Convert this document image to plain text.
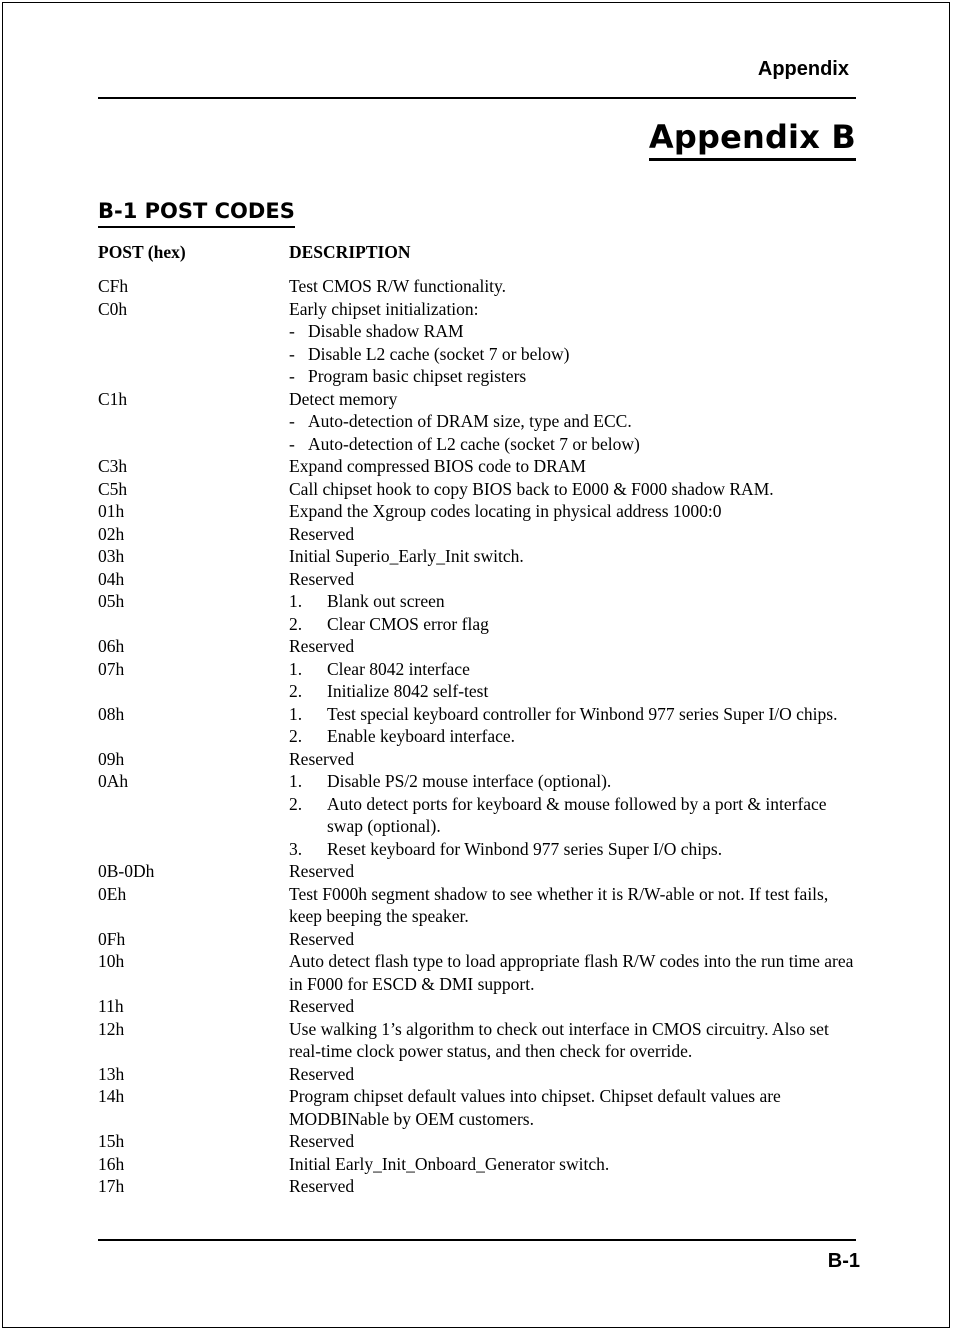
Appendix
Appendix B
B-1 POST CODES
POST (hex)	DESCRIPTION
CFh	Test CMOS R/W functionality.
C0h	Early chipset initialization:
- Disable shadow RAM
- Disable L2 cache (socket 7 or below)
- Program basic chipset registers
C1h	Detect memory
- Auto-detection of DRAM size, type and ECC.
- Auto-detection of L2 cache (socket 7 or below)
C3h	Expand compressed BIOS code to DRAM
C5h	Call chipset hook to copy BIOS back to E000 & F000 shadow RAM.
01h	Expand the Xgroup codes locating in physical address 1000:0
02h	Reserved
03h	Initial Superio_Early_Init switch.
04h	Reserved
05h	1.	Blank out screen
2.	Clear CMOS error flag
06h	Reserved
07h	1.	Clear 8042 interface
2.	Initialize 8042 self-test
08h	1.	Test special keyboard controller for Winbond 977 series Super I/O chips.
2.	Enable keyboard interface.
09h	Reserved
0Ah	1.	Disable PS/2 mouse interface (optional).
2.	Auto detect ports for keyboard & mouse followed by a port & interface swap (optional).
3.	Reset keyboard for Winbond 977 series Super I/O chips.
0B-0Dh	Reserved
0Eh	Test F000h segment shadow to see whether it is R/W-able or not. If test fails, keep beeping the speaker.
0Fh	Reserved
10h	Auto detect flash type to load appropriate flash R/W codes into the run time area in F000 for ESCD & DMI support.
11h	Reserved
12h	Use walking 1’s algorithm to check out interface in CMOS circuitry. Also set real-time clock power status, and then check for override.
13h	Reserved
14h	Program chipset default values into chipset. Chipset default values are MODBINable by OEM customers.
15h	Reserved
16h	Initial Early_Init_Onboard_Generator switch.
17h	Reserved
B-1
